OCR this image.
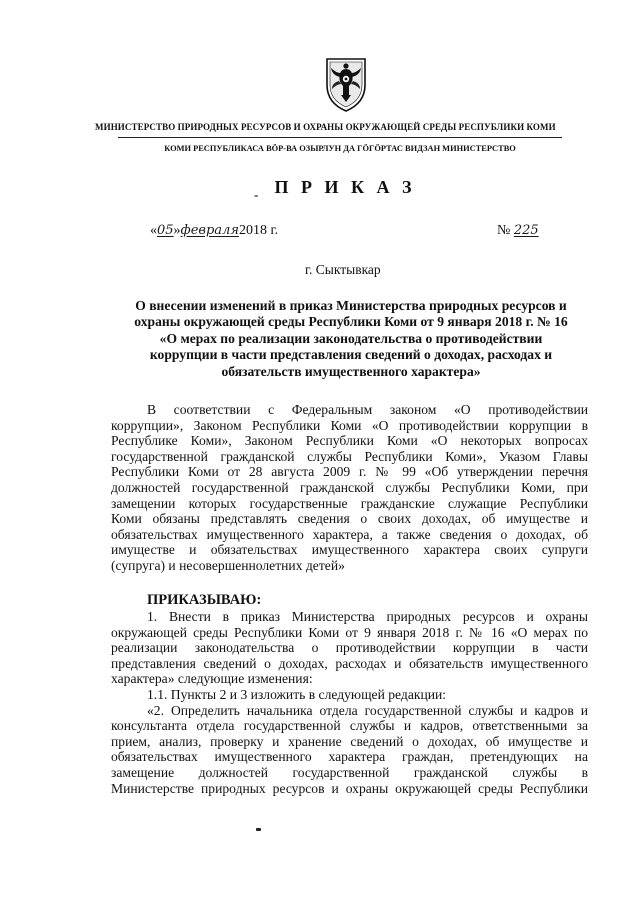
МИНИСТЕРСТВО ПРИРОДНЫХ РЕСУРСОВ И ОХРАНЫ ОКРУЖАЮЩЕЙ СРЕДЫ РЕСПУБЛИКИ КОМИ
КОМИ РЕСПУБЛИКАСА ВӦР-ВА ОЗЫРЛУН ДА ГӦГӦРТАС ВИДЗАН МИНИСТЕРСТВО
- П Р И К А З
«05»февраля2018 г.	№ 225
г. Сыктывкар
О внесении изменений в приказ Министерства природных ресурсов и
охраны окружающей среды Республики Коми от 9 января 2018 г. № 16
«О мерах по реализации законодательства о противодействии
коррупции в части представления сведений о доходах, расходах и
обязательств имущественного характера»
В соответствии с Федеральным законом «О противодействии
коррупции», Законом Республики Коми «О противодействии коррупции в
Республике Коми», Законом Республики Коми «О некоторых вопросах
государственной гражданской службы Республики Коми», Указом Главы
Республики Коми от 28 августа 2009 г. № 99 «Об утверждении перечня
должностей государственной гражданской службы Республики Коми, при
замещении которых государственные гражданские служащие Республики
Коми обязаны представлять сведения о своих доходах, об имуществе и
обязательствах имущественного характера, а также сведения о доходах, об
имуществе и обязательствах имущественного характера своих супруги
(супруга) и несовершеннолетних детей»
ПРИКАЗЫВАЮ:
1. Внести в приказ Министерства природных ресурсов и охраны
окружающей среды Республики Коми от 9 января 2018 г. № 16 «О мерах по
реализации законодательства о противодействии коррупции в части
представления сведений о доходах, расходах и обязательств имущественного
характера» следующие изменения:
1.1. Пункты 2 и 3 изложить в следующей редакции:
«2. Определить начальника отдела государственной службы и кадров и
консультанта отдела государственной службы и кадров, ответственными за
прием, анализ, проверку и хранение сведений о доходах, об имуществе и
обязательствах имущественного характера граждан, претендующих на
замещение должностей государственной гражданской службы в
Министерстве природных ресурсов и охраны окружающей среды Республики
